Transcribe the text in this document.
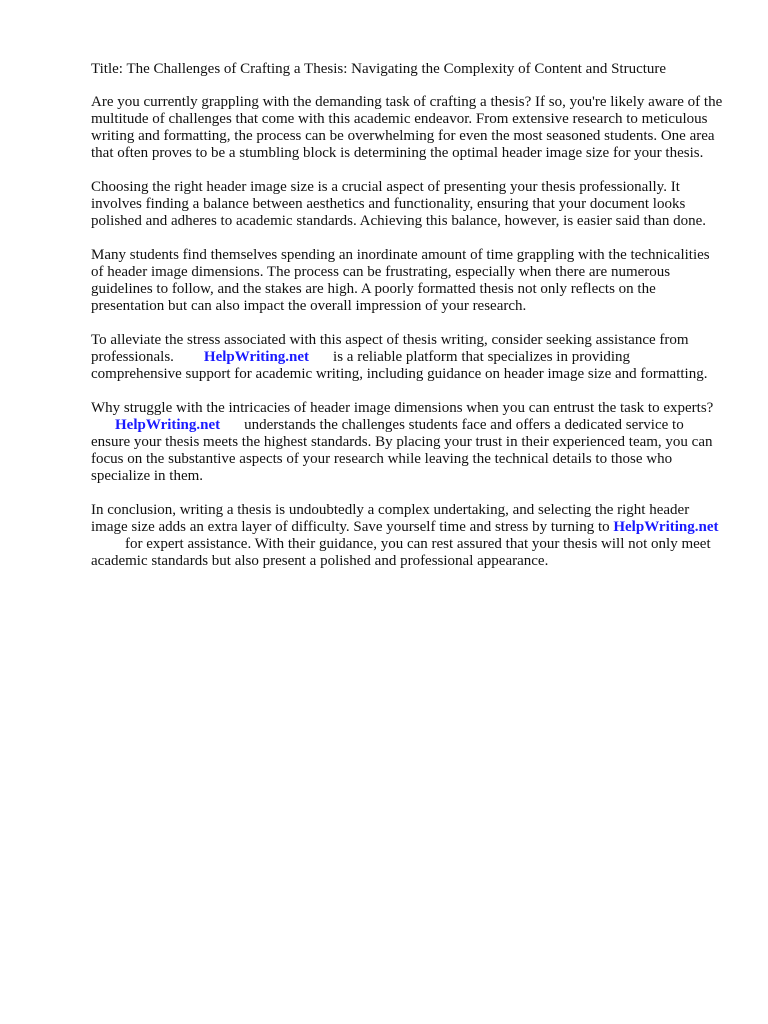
Title: The Challenges of Crafting a Thesis: Navigating the Complexity of Content and Structure

Are you currently grappling with the demanding task of crafting a thesis? If so, you're likely aware of the multitude of challenges that come with this academic endeavor. From extensive research to meticulous writing and formatting, the process can be overwhelming for even the most seasoned students. One area that often proves to be a stumbling block is determining the optimal header image size for your thesis.

Choosing the right header image size is a crucial aspect of presenting your thesis professionally. It involves finding a balance between aesthetics and functionality, ensuring that your document looks polished and adheres to academic standards. Achieving this balance, however, is easier said than done.

Many students find themselves spending an inordinate amount of time grappling with the technicalities of header image dimensions. The process can be frustrating, especially when there are numerous guidelines to follow, and the stakes are high. A poorly formatted thesis not only reflects on the presentation but can also impact the overall impression of your research.

To alleviate the stress associated with this aspect of thesis writing, consider seeking assistance from professionals. HelpWriting.net is a reliable platform that specializes in providing comprehensive support for academic writing, including guidance on header image size and formatting.

Why struggle with the intricacies of header image dimensions when you can entrust the task to experts?HelpWriting.net understands the challenges students face and offers a dedicated service to ensure your thesis meets the highest standards. By placing your trust in their experienced team, you can focus on the substantive aspects of your research while leaving the technical details to those who specialize in them.

In conclusion, writing a thesis is undoubtedly a complex undertaking, and selecting the right header image size adds an extra layer of difficulty. Save yourself time and stress by turning to HelpWriting.netfor expert assistance. With their guidance, you can rest assured that your thesis will not only meet academic standards but also present a polished and professional appearance.
